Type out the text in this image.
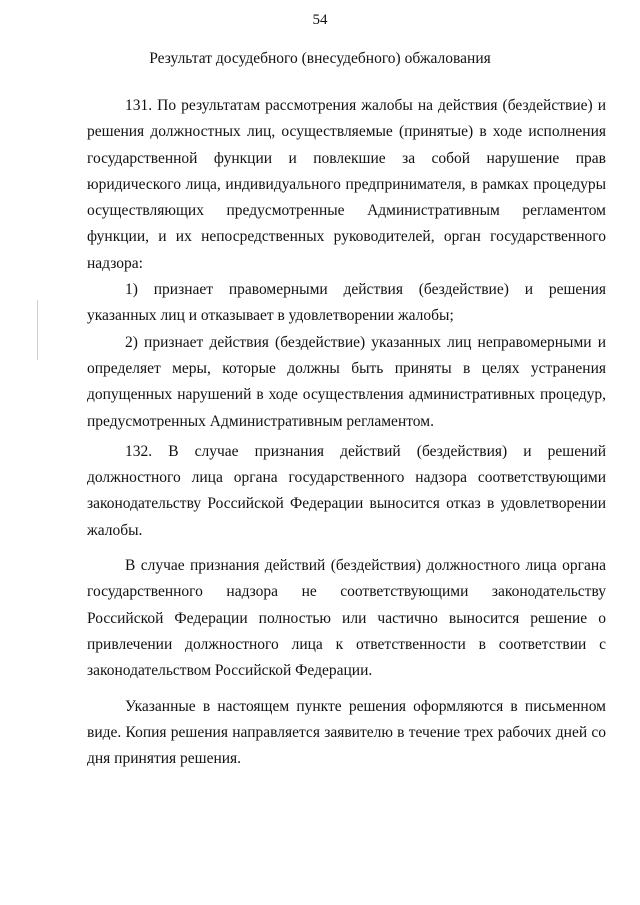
54
Результат досудебного (внесудебного) обжалования

131. По результатам рассмотрения жалобы на действия (бездействие) и решения должностных лиц, осуществляемые (принятые) в ходе исполнения государственной функции и повлекшие за собой нарушение прав юридического лица, индивидуального предпринимателя, в рамках процедуры осуществляющих предусмотренные Административным регламентом функции, и их непосредственных руководителей, орган государственного надзора:

1) признает правомерными действия (бездействие) и решения указанных лиц и отказывает в удовлетворении жалобы;

2) признает действия (бездействие) указанных лиц неправомерными и определяет меры, которые должны быть приняты в целях устранения допущенных нарушений в ходе осуществления административных процедур, предусмотренных Административным регламентом.

132. В случае признания действий (бездействия) и решений должностного лица органа государственного надзора соответствующими законодательству Российской Федерации выносится отказ в удовлетворении жалобы.

В случае признания действий (бездействия) должностного лица органа государственного надзора не соответствующими законодательству Российской Федерации полностью или частично выносится решение о привлечении должностного лица к ответственности в соответствии с законодательством Российской Федерации.

Указанные в настоящем пункте решения оформляются в письменном виде. Копия решения направляется заявителю в течение трех рабочих дней со дня принятия решения.
